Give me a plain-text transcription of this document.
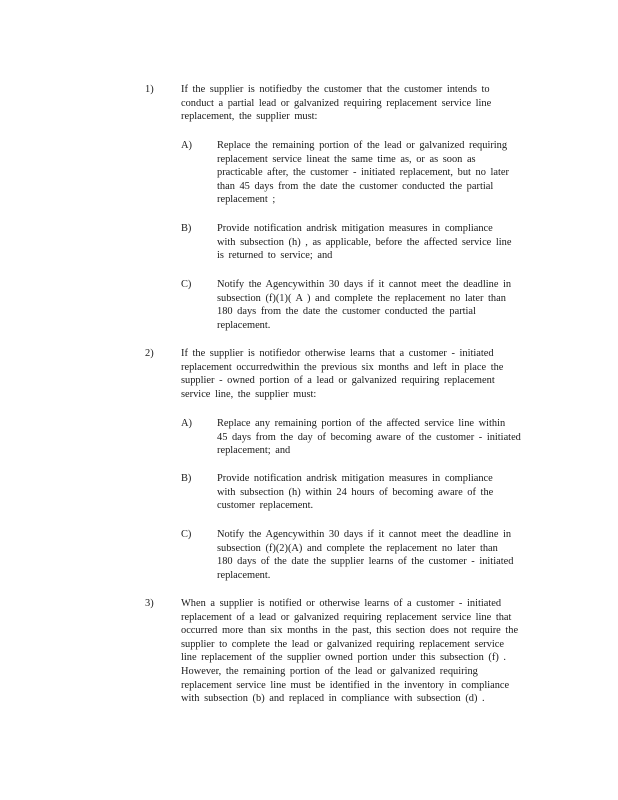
1)	If the supplier is notifiedby the customer that the customer intends to
conduct a partial lead or galvanized requiring replacement service line
replacement, the supplier must:
A)	Replace the remaining portion of the lead or galvanized requiring
replacement service lineat the same time as, or as soon as
practicable after, the customer - initiated replacement, but no later
than 45 days from the date the customer conducted the partial
replacement ;
B)	Provide notification andrisk mitigation measures in compliance
with subsection (h) , as applicable, before the affected service line
is returned to service; and
C)	Notify the Agencywithin 30 days if it cannot meet the deadline in
subsection (f)(1)( A ) and complete the replacement no later than
180 days from the date the customer conducted the partial
replacement.
2)	If the supplier is notifiedor otherwise learns that a customer - initiated
replacement occurredwithin the previous six months and left in place the
supplier - owned portion of a lead or galvanized requiring replacement
service line, the supplier must:
A)	Replace any remaining portion of the affected service line within
45 days from the day of becoming aware of the customer - initiated
replacement; and
B)	Provide notification andrisk mitigation measures in compliance
with subsection (h) within 24 hours of becoming aware of the
customer replacement.
C)	Notify the Agencywithin 30 days if it cannot meet the deadline in
subsection (f)(2)(A) and complete the replacement no later than
180 days of the date the supplier learns of the customer - initiated
replacement.
3)	When a supplier is notified or otherwise learns of a customer - initiated
replacement of a lead or galvanized requiring replacement service line that
occurred more than six months in the past, this section does not require the
supplier to complete the lead or galvanized requiring replacement service
line replacement of the supplier owned portion under this subsection (f) .
However, the remaining portion of the lead or galvanized requiring
replacement service line must be identified in the inventory in compliance
with subsection (b) and replaced in compliance with subsection (d) .
